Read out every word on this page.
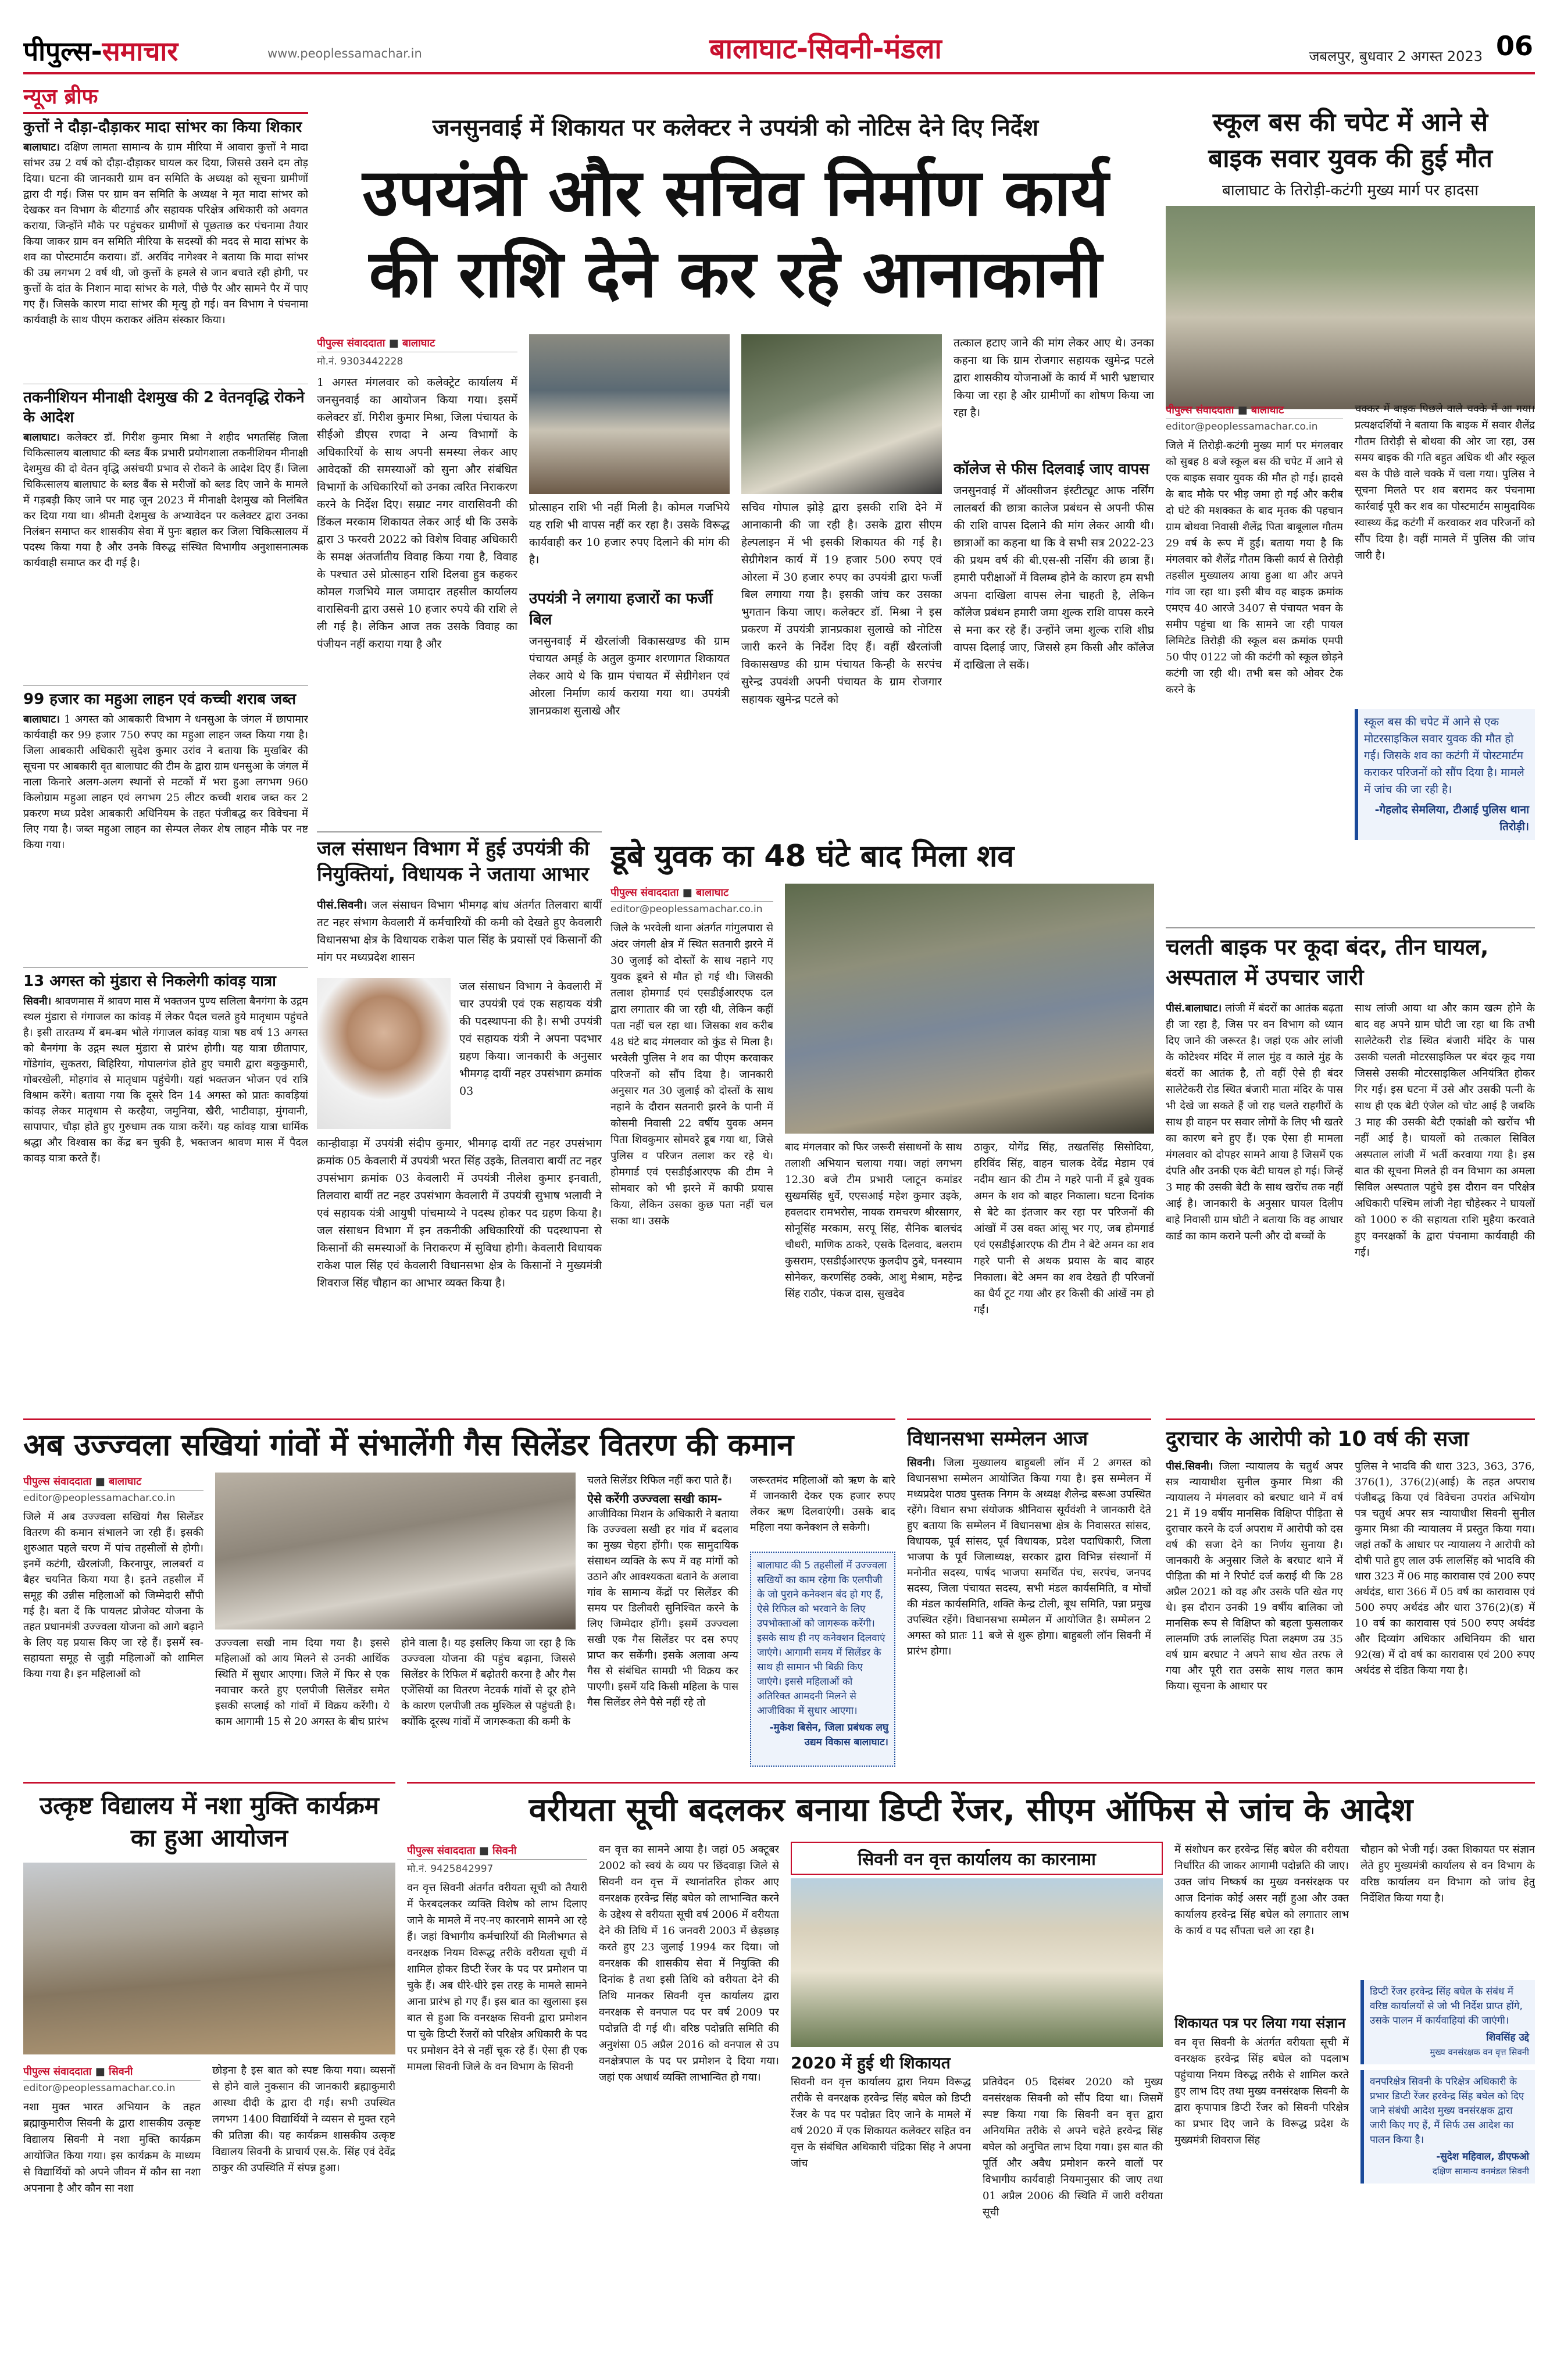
पीपुल्स-समाचार	www.peoplessamachar.in	बालाघाट-सिवनी-मंडला	जबलपुर, बुधवार 2 अगस्त 2023 06
न्यूज ब्रीफ
कुत्तों ने दौड़ा-दौड़ाकर मादा सांभर का किया शिकार
बालाघाट। दक्षिण लामता सामान्य के ग्राम मीरिया में आवारा कुत्तों ने मादा सांभर उम्र 2 वर्ष को दौड़ा-दौड़ाकर घायल कर दिया, जिससे उसने दम तोड़ दिया। घटना की जानकारी ग्राम वन समिति के अध्यक्ष को सूचना ग्रामीणों द्वारा दी गई। जिस पर ग्राम वन समिति के अध्यक्ष ने मृत मादा सांभर को देखकर वन विभाग के बीटगार्ड और सहायक परिक्षेत्र अधिकारी को अवगत कराया, जिन्होंने मौके पर पहुंचकर ग्रामीणों से पूछताछ कर पंचनामा तैयार किया जाकर ग्राम वन समिति मीरिया के सदस्यों की मदद से मादा सांभर के शव का पोस्टमार्टम कराया। डॉ. अरविंद नागेश्वर ने बताया कि मादा सांभर की उम्र लगभग 2 वर्ष थी, जो कुत्तों के हमले से जान बचाते रही होगी, पर कुत्तों के दांत के निशान मादा सांभर के गले, पीछे पैर और सामने पैर में पाए गए हैं। जिसके कारण मादा सांभर की मृत्यु हो गई। वन विभाग ने पंचनामा कार्यवाही के साथ पीएम कराकर अंतिम संस्कार किया।
तकनीशियन मीनाक्षी देशमुख की 2 वेतनवृद्धि रोकने के आदेश
बालाघाट। कलेक्टर डॉ. गिरीश कुमार मिश्रा ने शहीद भगतसिंह जिला चिकित्सालय बालाघाट की ब्लड बैंक प्रभारी प्रयोगशाला तकनीशियन मीनाक्षी देशमुख की दो वेतन वृद्धि असंचयी प्रभाव से रोकने के आदेश दिए हैं। जिला चिकित्सालय बालाघाट के ब्लड बैंक से मरीजों को ब्लड दिए जाने के मामले में गड़बड़ी किए जाने पर माह जून 2023 में मीनाक्षी देशमुख को निलंबित कर दिया गया था। श्रीमती देशमुख के अभ्यावेदन पर कलेक्टर द्वारा उनका निलंबन समाप्त कर शासकीय सेवा में पुनः बहाल कर जिला चिकित्सालय में पदस्थ किया गया है और उनके विरुद्ध संस्थित विभागीय अनुशासनात्मक कार्यवाही समाप्त कर दी गई है।
99 हजार का महुआ लाहन एवं कच्ची शराब जब्त
बालाघाट। 1 अगस्त को आबकारी विभाग ने धनसुआ के जंगल में छापामार कार्यवाही कर 99 हजार 750 रुपए का महुआ लाहन जब्त किया गया है। जिला आबकारी अधिकारी सुदेश कुमार उरांव ने बताया कि मुखबिर की सूचना पर आबकारी वृत बालाघाट की टीम के द्वारा ग्राम धनसुआ के जंगल में नाला किनारे अलग-अलग स्थानों से मटकों में भरा हुआ लगभग 960 किलोग्राम महुआ लाहन एवं लगभग 25 लीटर कच्ची शराब जब्त कर 2 प्रकरण मध्य प्रदेश आबकारी अधिनियम के तहत पंजीबद्ध कर विवेचना में लिए गया है। जब्त महुआ लाहन का सेम्पल लेकर शेष लाहन मौके पर नष्ट किया गया।
13 अगस्त को मुंडारा से निकलेगी कांवड़ यात्रा
सिवनी। श्रावणमास में श्रावण मास में भक्तजन पुण्य सलिला बैनगंगा के उद्गम स्थल मुंडारा से गंगाजल का कांवड़ में लेकर पैदल चलते हुये मातृधाम पहुंचते है। इसी तारतम्य में बम-बम भोले गंगाजल कांवड़ यात्रा षष्ठ वर्ष 13 अगस्त को बैनगंगा के उद्गम स्थल मुंडारा से प्रारंभ होगी। यह यात्रा छीतापार, गोंडेगांव, सुकतरा, बिहिरिया, गोपालगंज होते हुए चमारी द्वारा बकुकुमारी, गोबरखेली, मोहगांव से मातृधाम पहुंचेगी। यहां भक्तजन भोजन एवं रात्रि विश्राम करेंगे। बताया गया कि दूसरे दिन 14 अगस्त को प्रातः कावड़ियां कांवड़ लेकर मातृधाम से करहैया, जमुनिया, खैरी, भाटीवाड़ा, मुंगवानी, सापापार, चौड़ा होते हुए गुरुधाम तक यात्रा करेंगे। यह कांवड़ यात्रा धार्मिक श्रद्धा और विश्वास का केंद्र बन चुकी है, भक्तजन श्रावण मास में पैदल कावड़ यात्रा करते हैं।
जनसुनवाई में शिकायत पर कलेक्टर ने उपयंत्री को नोटिस देने दिए निर्देश
उपयंत्री और सचिव निर्माण कार्य
की राशि देने कर रहे आनाकानी
पीपुल्स संवाददाता ■ बालाघाट
मो.नं. 9303442228
1 अगस्त मंगलवार को कलेक्ट्रेट कार्यालय में जनसुनवाई का आयोजन किया गया। इसमें कलेक्टर डॉ. गिरीश कुमार मिश्रा, जिला पंचायत के सीईओ डीएस रणदा ने अन्य विभागों के अधिकारियों के साथ अपनी समस्या लेकर आए आवेदकों की समस्याओं को सुना और संबंधित विभागों के अधिकारियों को उनका त्वरित निराकरण करने के निर्देश दिए। सम्राट नगर वारासिवनी की डिंकल मरकाम शिकायत लेकर आई थी कि उसके द्वारा 3 फरवरी 2022 को विशेष विवाह अधिकारी के समक्ष अंतर्जातीय विवाह किया गया है, विवाह के पश्चात उसे प्रोत्साहन राशि दिलवा हुत्र कहकर कोमल गजभिये माल जमादार तहसील कार्यालय वारासिवनी द्वारा उससे 10 हजार रुपये की राशि ले ली गई है। लेकिन आज तक उसके विवाह का पंजीयन नहीं कराया गया है और
प्रोत्साहन राशि भी नहीं मिली है। कोमल गजभिये यह राशि भी वापस नहीं कर रहा है। उसके विरूद्ध कार्यवाही कर 10 हजार रुपए दिलाने की मांग की है।
उपयंत्री ने लगाया हजारों का फर्जी बिल
जनसुनवाई में खैरलांजी विकासखण्ड की ग्राम पंचायत अम्ई के अतुल कुमार शरणागत शिकायत लेकर आये थे कि ग्राम पंचायत में सेग्रीगेशन एवं ओरला निर्माण कार्य कराया गया था। उपयंत्री ज्ञानप्रकाश सुलाखे और
सचिव गोपाल झोड़े द्वारा इसकी राशि देने में आनाकानी की जा रही है। उसके द्वारा सीएम हेल्पलाइन में भी इसकी शिकायत की गई है। सेग्रीगेशन कार्य में 19 हजार 500 रुपए एवं ओरला में 30 हजार रुपए का उपयंत्री द्वारा फर्जी बिल लगाया गया है। इसकी जांच कर उसका भुगतान किया जाए। कलेक्टर डॉ. मिश्रा ने इस प्रकरण में उपयंत्री ज्ञानप्रकाश सुलाखे को नोटिस जारी करने के निर्देश दिए हैं। वहीं खैरलांजी विकासखण्ड की ग्राम पंचायत किन्ही के सरपंच सुरेन्द्र उपवंशी अपनी पंचायत के ग्राम रोजगार सहायक खुमेन्द्र पटले को
तत्काल हटाए जाने की मांग लेकर आए थे। उनका कहना था कि ग्राम रोजगार सहायक खुमेन्द्र पटले द्वारा शासकीय योजनाओं के कार्य में भारी भ्रष्टाचार किया जा रहा है और ग्रामीणों का शोषण किया जा रहा है।
कॉलेज से फीस दिलवाई जाए वापस
जनसुनवाई में ऑक्सीजन इंस्टीट्यूट आफ नर्सिंग लालबर्रा की छात्रा कालेज प्रबंधन से अपनी फीस की राशि वापस दिलाने की मांग लेकर आयी थी। छात्राओं का कहना था कि वे सभी सत्र 2022-23 की प्रथम वर्ष की बी.एस-सी नर्सिंग की छात्रा हैं। हमारी परीक्षाओं में विलम्ब होने के कारण हम सभी अपना दाखिला वापस लेना चाहती है, लेकिन कॉलेज प्रबंधन हमारी जमा शुल्क राशि वापस करने से मना कर रहे हैं। उन्होंने जमा शुल्क राशि शीघ्र वापस दिलाई जाए, जिससे हम किसी और कॉलेज में दाखिला ले सकें।
जल संसाधन विभाग में हुई उपयंत्री की नियुक्तियां, विधायक ने जताया आभार
पीसं.सिवनी। जल संसाधन विभाग भीमगढ़ बांध अंतर्गत तिलवारा बायीं तट नहर संभाग केवलारी में कर्मचारियों की कमी को देखते हुए केवलारी विधानसभा क्षेत्र के विधायक राकेश पाल सिंह के प्रयासों एवं किसानों की मांग पर मध्यप्रदेश शासन
जल संसाधन विभाग ने केवलारी में चार उपयंत्री एवं एक सहायक यंत्री की पदस्थापना की है। सभी उपयंत्री एवं सहायक यंत्री ने अपना पदभार ग्रहण किया। जानकारी के अनुसार भीमगढ़ दायीं नहर उपसंभाग क्रमांक 03
कान्हीवाड़ा में उपयंत्री संदीप कुमार, भीमगढ़ दायीं तट नहर उपसंभाग क्रमांक 05 केवलारी में उपयंत्री भरत सिंह उइके, तिलवारा बायीं तट नहर उपसंभाग क्रमांक 03 केवलारी में उपयंत्री नीलेश कुमार इनवाती, तिलवारा बायीं तट नहर उपसंभाग केवलारी में उपयंत्री सुभाष भलावी ने एवं सहायक यंत्री आयुषी पांचमाय्ये ने पदस्थ होकर पद ग्रहण किया है। जल संसाधन विभाग में इन तकनीकी अधिकारियों की पदस्थापना से किसानों की समस्याओं के निराकरण में सुविधा होगी। केवलारी विधायक राकेश पाल सिंह एवं केवलारी विधानसभा क्षेत्र के किसानों ने मुख्यमंत्री शिवराज सिंह चौहान का आभार व्यक्त किया है।
डूबे युवक का 48 घंटे बाद मिला शव
पीपुल्स संवाददाता ■ बालाघाट
editor@peoplessamachar.co.in
जिले के भरवेली थाना अंतर्गत गांगुलपारा से अंदर जंगली क्षेत्र में स्थित सतनारी झरने में 30 जुलाई को दोस्तों के साथ नहाने गए युवक डूबने से मौत हो गई थी। जिसकी तलाश होमगार्ड एवं एसडीईआरएफ दल द्वारा लगातार की जा रही थी, लेकिन कहीं पता नहीं चल रहा था। जिसका शव करीब 48 घंटे बाद मंगलवार को कुंड से मिला है। भरवेली पुलिस ने शव का पीएम करवाकर परिजनों को सौंप दिया है। जानकारी अनुसार गत 30 जुलाई को दोस्तों के साथ नहाने के दौरान सतनारी झरने के पानी में कोसमी निवासी 22 वर्षीय युवक अमन पिता शिवकुमार सोमवरे डूब गया था, जिसे पुलिस व परिजन तलाश कर रहे थे। होमगार्ड एवं एसडीईआरएफ की टीम ने सोमवार को भी झरने में काफी प्रयास किया, लेकिन उसका कुछ पता नहीं चल सका था। उसके
बाद मंगलवार को फिर जरूरी संसाधनों के साथ तलाशी अभियान चलाया गया। जहां लगभग 12.30 बजे टीम प्रभारी प्लाटून कमांडर सुखमसिंह धुर्वे, एएसआई महेश कुमार उइके, हवलदार रामभरोस, नायक रामचरण श्रीरसागर, सोनूसिंह मरकाम, सरपू सिंह, सैनिक बालचंद चौधरी, माणिक ठाकरे, एसके दिलवाद, बलराम कुसराम, एसडीईआरएफ कुलदीप ठुबे, घनस्याम सोनेकर, करणसिंह ठक्के, आशु मेश्राम, महेन्द्र सिंह राठौर, पंकज दास, सुखदेव
ठाकुर, योगेंद्र सिंह, तखतसिंह सिसोदिया, हरिविंद सिंह, वाहन चालक देवेंद्र मेडाम एवं नदीम खान की टीम ने गहरे पानी में डूबे युवक अमन के शव को बाहर निकाला। घटना दिनांक से बेटे का इंतजार कर रहा पर परिजनों की आंखों में उस वक्त आंसू भर गए, जब होमगार्ड एवं एसडीईआरएफ की टीम ने बेटे अमन का शव गहरे पानी से अथक प्रयास के बाद बाहर निकाला। बेटे अमन का शव देखते ही परिजनों का धैर्य टूट गया और हर किसी की आंखें नम हो गईं।
स्कूल बस की चपेट में आने से
बाइक सवार युवक की हुई मौत
बालाघाट के तिरोड़ी-कटंगी मुख्य मार्ग पर हादसा
पीपुल्स संवाददाता ■ बालाघाट
editor@peoplessamachar.co.in
जिले में तिरोड़ी-कटंगी मुख्य मार्ग पर मंगलवार को सुबह 8 बजे स्कूल बस की चपेट में आने से एक बाइक सवार युवक की मौत हो गई। हादसे के बाद मौके पर भीड़ जमा हो गई और करीब दो घंटे की मशक्कत के बाद मृतक की पहचान ग्राम बोथवा निवासी शैलेंद्र पिता बाबूलाल गौतम 29 वर्ष के रूप में हुई। बताया गया है कि मंगलवार को शैलेंद्र गौतम किसी कार्य से तिरोड़ी तहसील मुख्यालय आया हुआ था और अपने गांव जा रहा था। इसी बीच वह बाइक क्रमांक एमएच 40 आरजे 3407 से पंचायत भवन के समीप पहुंचा था कि सामने जा रही पायल लिमिटेड तिरोड़ी की स्कूल बस क्रमांक एमपी 50 पीए 0122 जो की कटंगी को स्कूल छोड़ने कटंगी जा रही थी। तभी बस को ओवर टेक करने के
चक्कर में बाइक पिछले वाले चक्के में आ गया। प्रत्यक्षदर्शियों ने बताया कि बाइक में सवार शैलेंद्र गौतम तिरोड़ी से बोथवा की ओर जा रहा, उस समय बाइक की गति बहुत अधिक थी और स्कूल बस के पीछे वाले चक्के में चला गया। पुलिस ने सूचना मिलते पर शव बरामद कर पंचनामा कार्रवाई पूरी कर शव का पोस्टमार्टम सामुदायिक स्वास्थ्य केंद्र कटंगी में करवाकर शव परिजनों को सौंप दिया है। वहीं मामले में पुलिस की जांच जारी है।
स्कूल बस की चपेट में आने से एक मोटरसाइकिल सवार युवक की मौत हो गई। जिसके शव का कटंगी में पोस्टमार्टम कराकर परिजनों को सौंप दिया है। मामले में जांच की जा रही है।
-गेहलोद सेमलिया, टीआई पुलिस थाना तिरोड़ी।
चलती बाइक पर कूदा बंदर, तीन घायल, अस्पताल में उपचार जारी
पीसं.बालाघाट। लांजी में बंदरों का आतंक बढ़ता ही जा रहा है, जिस पर वन विभाग को ध्यान दिए जाने की जरूरत है। जहां एक ओर लांजी के कोटेश्वर मंदिर में लाल मुंह व काले मुंह के बंदरों का आतंक है, तो वहीं ऐसे ही बंदर सालेटेकरी रोड स्थित बंजारी माता मंदिर के पास भी देखे जा सकते हैं जो राह चलते राहगीरों के साथ ही वाहन पर सवार लोगों के लिए भी खतरे का कारण बने हुए हैं। एक ऐसा ही मामला मंगलवार को दोपहर सामने आया है जिसमें एक दंपति और उनकी एक बेटी घायल हो गई। जिन्हें 3 माह की उसकी बेटी के साथ खरोंच तक नहीं आई है। जानकारी के अनुसार घायल दिलीप बाहे निवासी ग्राम घोटी ने बताया कि वह आधार कार्ड का काम कराने पत्नी और दो बच्चों के
साथ लांजी आया था और काम खत्म होने के बाद वह अपने ग्राम घोटी जा रहा था कि तभी सालेटेकरी रोड स्थित बंजारी मंदिर के पास उसकी चलती मोटरसाइकिल पर बंदर कूद गया जिससे उसकी मोटरसाइकिल अनियंत्रित होकर गिर गई। इस घटना में उसे और उसकी पत्नी के साथ ही एक बेटी एंजेल को चोट आई है जबकि 3 माह की उसकी बेटी एकांक्षी को खरोंच भी नहीं आई है। घायलों को तत्काल सिविल अस्पताल लांजी में भर्ती करवाया गया है। इस बात की सूचना मिलते ही वन विभाग का अमला सिविल अस्पताल पहुंचे इस दौरान वन परिक्षेत्र अधिकारी पश्चिम लांजी नेहा चौहेस्कर ने घायलों को 1000 रु की सहायता राशि मुहैया करवाते हुए वनरक्षकों के द्वारा पंचनामा कार्यवाही की गई।
अब उज्ज्वला सखियां गांवों में संभालेंगी गैस सिलेंडर वितरण की कमान
पीपुल्स संवाददाता ■ बालाघाट
editor@peoplessamachar.co.in
जिले में अब उज्ज्वला सखियां गैस सिलेंडर वितरण की कमान संभालने जा रही हैं। इसकी शुरुआत पहले चरण में पांच तहसीलों से होगी। इनमें कटंगी, खैरलांजी, किरनापुर, लालबर्रा व बैहर चयनित किया गया है। इतने तहसील में समूह की उन्नीस महिलाओं को जिम्मेदारी सौंपी गई है। बता दें कि पायलट प्रोजेक्ट योजना के तहत प्रधानमंत्री उज्ज्वला योजना को आगे बढ़ाने के लिए यह प्रयास किए जा रहे हैं। इसमें स्व-सहायता समूह से जुड़ी महिलाओं को शामिल किया गया है। इन महिलाओं को
उज्ज्वला सखी नाम दिया गया है। इससे महिलाओं को आय मिलने से उनकी आर्थिक स्थिति में सुधार आएगा। जिले में फिर से एक नवाचार करते हुए एलपीजी सिलेंडर समेत इसकी सप्लाई को गांवों में विक्रय करेंगी। ये काम आगामी 15 से 20 अगस्त के बीच प्रारंभ
होने वाला है। यह इसलिए किया जा रहा है कि उज्ज्वला योजना की पहुंच बढ़ाना, जिससे सिलेंडर के रिफिल में बढ़ोतरी करना है और गैस एजेंसियों का वितरण नेटवर्क गांवों से दूर होने के कारण एलपीजी तक मुश्किल से पहुंचती है। क्योंकि दूरस्थ गांवों में जागरूकता की कमी के
चलते सिलेंडर रिफिल नहीं करा पाते हैं।
ऐसे करेंगी उज्ज्वला सखी काम-
आजीविका मिशन के अधिकारी ने बताया कि उज्ज्वला सखी हर गांव में बदलाव का मुख्य चेहरा होंगी। एक सामुदायिक संसाधन व्यक्ति के रूप में वह मांगों को उठाने और आवश्यकता बताने के अलावा गांव के सामान्य केंद्रों पर सिलेंडर की समय पर डिलीवरी सुनिश्चित करने के लिए जिम्मेदार होंगी। इसमें उज्ज्वला सखी एक गैस सिलेंडर पर दस रुपए प्राप्त कर सकेंगी। इसके अलावा अन्य गैस से संबंधित सामग्री भी विक्रय कर पाएगी। इसमें यदि किसी महिला के पास गैस सिलेंडर लेने पैसे नहीं रहे तो
जरूरतमंद महिलाओं को ऋण के बारे में जानकारी देकर एक हजार रुपए लेकर ऋण दिलवाएंगी। उसके बाद महिला नया कनेक्शन ले सकेगी।
बालाघाट की 5 तहसीलों में उज्ज्वला सखियों का काम रहेगा कि एलपीजी के जो पुराने कनेक्शन बंद हो गए हैं, ऐसे रिफिल को भरवाने के लिए उपभोक्ताओं को जागरूक करेंगी। इसके साथ ही नए कनेक्शन दिलवाएं जाएंगे। आगामी समय में सिलेंडर के साथ ही सामान भी बिक्री किए जाएंगे। इससे महिलाओं को अतिरिक्त आमदनी मिलने से आजीविका में सुधार आएगा।
-मुकेश बिसेन, जिला प्रबंधक लघु उद्यम विकास बालाघाट।
विधानसभा सम्मेलन आज
सिवनी। जिला मुख्यालय बाहुबली लॉन में 2 अगस्त को विधानसभा सम्मेलन आयोजित किया गया है। इस सम्मेलन में मध्यप्रदेश पाठ्य पुस्तक निगम के अध्यक्ष शैलेन्द्र बरूआ उपस्थित रहेंगे। विधान सभा संयोजक श्रीनिवास सूर्यवंशी ने जानकारी देते हुए बताया कि सम्मेलन में विधानसभा क्षेत्र के निवासरत सांसद, विधायक, पूर्व सांसद, पूर्व विधायक, प्रदेश पदाधिकारी, जिला भाजपा के पूर्व जिलाध्यक्ष, सरकार द्वारा विभिन्न संस्थानों में मनोनीत सदस्य, पार्षद भाजपा समर्थित पंच, सरपंच, जनपद सदस्य, जिला पंचायत सदस्य, सभी मंडल कार्यसमिति, व मोर्चों की मंडल कार्यसमिति, शक्ति केन्द्र टोली, बूथ समिति, पन्ना प्रमुख उपस्थित रहेंगे। विधानसभा सम्मेलन में आयोजित है। सम्मेलन 2 अगस्त को प्रातः 11 बजे से शुरू होगा। बाहुबली लॉन सिवनी में प्रारंभ होगा।
दुराचार के आरोपी को 10 वर्ष की सजा
पीसं.सिवनी। जिला न्यायालय के चतुर्थ अपर सत्र न्यायाधीश सुनील कुमार मिश्रा की न्यायालय ने मंगलवार को बरघाट थाने में वर्ष 21 में 19 वर्षीय मानसिक विक्षिप्त पीड़िता से दुराचार करने के दर्ज अपराध में आरोपी को दस वर्ष की सजा देने का निर्णय सुनाया है। जानकारी के अनुसार जिले के बरघाट थाने में पीड़िता की मां ने रिपोर्ट दर्ज कराई थी कि 28 अप्रैल 2021 को वह और उसके पति खेत गए थे। इस दौरान उनकी 19 वर्षीय बालिका जो मानसिक रूप से विक्षिप्त को बहला फुसलाकर लालमणि उर्फ लालसिंह पिता लक्ष्मण उम्र 35 वर्ष ग्राम बरघाट ने अपने साथ खेत तरफ ले गया और पूरी रात उसके साथ गलत काम किया। सूचना के आधार पर
पुलिस ने भादवि की धारा 323, 363, 376, 376(1), 376(2)(आई) के तहत अपराध पंजीबद्ध किया एवं विवेचना उपरांत अभियोग पत्र चतुर्थ अपर सत्र न्यायाधीश सिवनी सुनील कुमार मिश्रा की न्यायालय में प्रस्तुत किया गया। जहां तर्कों के आधार पर न्यायालय ने आरोपी को दोषी पाते हुए लाल उर्फ लालसिंह को भादवि की धारा 323 में 06 माह कारावास एवं 200 रुपए अर्थदंड, धारा 366 में 05 वर्ष का कारावास एवं 500 रुपए अर्थदंड और धारा 376(2)(ड) में 10 वर्ष का कारावास एवं 500 रुपए अर्थदंड और दिव्यांग अधिकार अधिनियम की धारा 92(ख) में दो वर्ष का कारावास एवं 200 रुपए अर्थदंड से दंडित किया गया है।
उत्कृष्ट विद्यालय में नशा मुक्ति कार्यक्रम का हुआ आयोजन
पीपुल्स संवाददाता ■ सिवनी
editor@peoplessamachar.co.in
नशा मुक्त भारत अभियान के तहत ब्रह्माकुमारीज सिवनी के द्वारा शासकीय उत्कृष्ट विद्यालय सिवनी मे नशा मुक्ति कार्यक्रम आयोजित किया गया। इस कार्यक्रम के माध्यम से विद्यार्थियों को अपने जीवन में कौन सा नशा अपनाना है और कौन सा नशा
छोड़ना है इस बात को स्पष्ट किया गया। व्यसनों से होने वाले नुकसान की जानकारी ब्रह्माकुमारी आस्था दीदी के द्वारा दी गई। सभी उपस्थित लगभग 1400 विद्यार्थियों ने व्यसन से मुक्त रहने की प्रतिज्ञा की। यह कार्यक्रम शासकीय उत्कृष्ट विद्यालय सिवनी के प्राचार्य एस.के. सिंह एवं देवेंद्र ठाकुर की उपस्थिति में संपन्न हुआ।
वरीयता सूची बदलकर बनाया डिप्टी रेंजर, सीएम ऑफिस से जांच के आदेश
पीपुल्स संवाददाता ■ सिवनी
मो.नं. 9425842997
वन वृत्त सिवनी अंतर्गत वरीयता सूची को तैयारी में फेरबदलकर व्यक्ति विशेष को लाभ दिलाए जाने के मामले में नए-नए कारनामे सामने आ रहे हैं। जहां विभागीय कर्मचारियों की मिलीभगत से वनरक्षक नियम विरूद्ध तरीके वरीयता सूची में शामिल होकर डिप्टी रेंजर के पद पर प्रमोशन पा चुके हैं। अब धीरे-धीरे इस तरह के मामले सामने आना प्रारंभ हो गए हैं। इस बात का खुलासा इस बात से हुआ कि वनरक्षक सिवनी द्वारा प्रमोशन पा चुके डिप्टी रेंजरों को परिक्षेत्र अधिकारी के पद पर प्रमोशन देने से नहीं चूक रहे हैं। ऐसा ही एक मामला सिवनी जिले के वन विभाग के सिवनी
वन वृत्त का सामने आया है। जहां 05 अक्टूबर 2002 को स्वयं के व्यय पर छिंदवाड़ा जिले से सिवनी वन वृत्त में स्थानांतरित होकर आए वनरक्षक हरवेन्द्र सिंह बघेल को लाभान्वित करने के उद्देश्य से वरीयता सूची वर्ष 2006 में वरीयता देने की तिथि में 16 जनवरी 2003 में छेड़छाड़ करते हुए 23 जुलाई 1994 कर दिया। जो वनरक्षक की शासकीय सेवा में नियुक्ति की दिनांक है तथा इसी तिथि को वरीयता देने की तिथि मानकर सिवनी वृत्त कार्यालय द्वारा वनरक्षक से वनपाल पद पर वर्ष 2009 पर पदोन्नति दी गई थी। वरिष्ठ पदोन्नति समिति की अनुशंसा 05 अप्रैल 2016 को वनपाल से उप वनक्षेत्रपाल के पद पर प्रमोशन दे दिया गया। जहां एक अधार्थ व्यक्ति लाभान्वित हो गया।
सिवनी वन वृत्त कार्यालय का कारनामा
2020 में हुई थी शिकायत
सिवनी वन वृत्त कार्यालय द्वारा नियम विरूद्ध तरीके से वनरक्षक हरवेन्द्र सिंह बघेल को डिप्टी रेंजर के पद पर पदोन्नत दिए जाने के मामले में वर्ष 2020 में एक शिकायत कलेक्टर सहित वन वृत्त के संबंधित अधिकारी चंद्रिका सिंह ने अपना जांच
प्रतिवेदन 05 दिसंबर 2020 को मुख्य वनसंरक्षक सिवनी को सौंप दिया था। जिसमें स्पष्ट किया गया कि सिवनी वन वृत्त द्वारा अनियमित तरीके से अपने चहेते हरवेन्द्र सिंह बघेल को अनुचित लाभ दिया गया। इस बात की पूर्ति और अवैध प्रमोशन करने वालों पर विभागीय कार्यवाही नियमानुसार की जाए तथा 01 अप्रैल 2006 की स्थिति में जारी वरीयता सूची
में संशोधन कर हरवेन्द्र सिंह बघेल की वरीयता निर्धारित की जाकर आगामी पदोन्नति की जाए। उक्त जांच निष्कर्ष का मुख्य वनसंरक्षक पर आज दिनांक कोई असर नहीं हुआ और उक्त कार्यालय हरवेन्द्र सिंह बघेल को लगातार लाभ के कार्य व पद सौंपता चले आ रहा है।
शिकायत पत्र पर लिया गया संज्ञान
वन वृत्त सिवनी के अंतर्गत वरीयता सूची में वनरक्षक हरवेन्द्र सिंह बघेल को पदलाभ पहुंचाया नियम विरुद्ध तरीके से शामिल करते हुए लाभ दिए तथा मुख्य वनसंरक्षक सिवनी के द्वारा कृपापात्र डिप्टी रेंजर को सिवनी परिक्षेत्र का प्रभार दिए जाने के विरूद्ध प्रदेश के मुख्यमंत्री शिवराज सिंह
चौहान को भेजी गई। उक्त शिकायत पर संज्ञान लेते हुए मुख्यमंत्री कार्यालय से वन विभाग के वरिष्ठ कार्यालय वन विभाग को जांच हेतु निर्देशित किया गया है।
डिप्टी रेंजर हरवेन्द्र सिंह बघेल के संबंध में वरिष्ठ कार्यालयों से जो भी निर्देश प्राप्त होंगे, उसके पालन में कार्यवाहियां की जाएंगी।
शिवसिंह उद्दे
मुख्य वनसंरक्षक वन वृत्त सिवनी
वनपरिक्षेत्र सिवनी के परिक्षेत्र अधिकारी के प्रभार डिप्टी रेंजर हरवेन्द्र सिंह बघेल को दिए जाने संबंधी आदेश मुख्य वनसंरक्षक द्वारा जारी किए गए हैं, मैं सिर्फ उस आदेश का पालन किया है।
-सुदेश महिवाल, डीएफओ
दक्षिण सामान्य वनमंडल सिवनी
